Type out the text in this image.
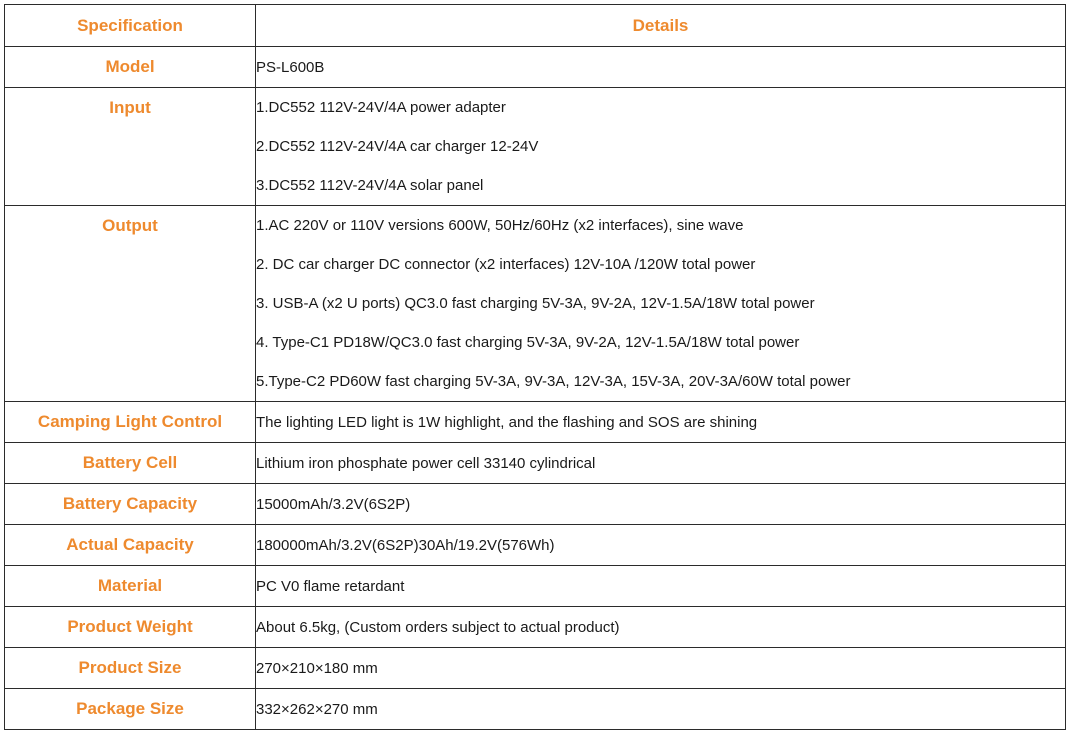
Specification	Details
Model	PS-L600B

Input	1.DC552 112V-24V/4A power adapter
2.DC552 112V-24V/4A car charger 12-24V
3.DC552 112V-24V/4A solar panel

Output	1.AC 220V or 110V versions 600W, 50Hz/60Hz (x2 interfaces), sine wave
2. DC car charger DC connector (x2 interfaces) 12V-10A /120W total power
3. USB-A (x2 U ports) QC3.0 fast charging 5V-3A, 9V-2A, 12V-1.5A/18W total power
4. Type-C1 PD18W/QC3.0 fast charging 5V-3A, 9V-2A, 12V-1.5A/18W total power
5.Type-C2 PD60W fast charging 5V-3A, 9V-3A, 12V-3A, 15V-3A, 20V-3A/60W total power

Camping Light Control	The lighting LED light is 1W highlight, and the flashing and SOS are shining

Battery Cell	Lithium iron phosphate power cell 33140 cylindrical

Battery Capacity	15000mAh/3.2V(6S2P)

Actual Capacity	180000mAh/3.2V(6S2P)30Ah/19.2V(576Wh)

Material	PC V0 flame retardant

Product Weight	About 6.5kg, (Custom orders subject to actual product)

Product Size	270×210×180 mm

Package Size	332×262×270 mm
